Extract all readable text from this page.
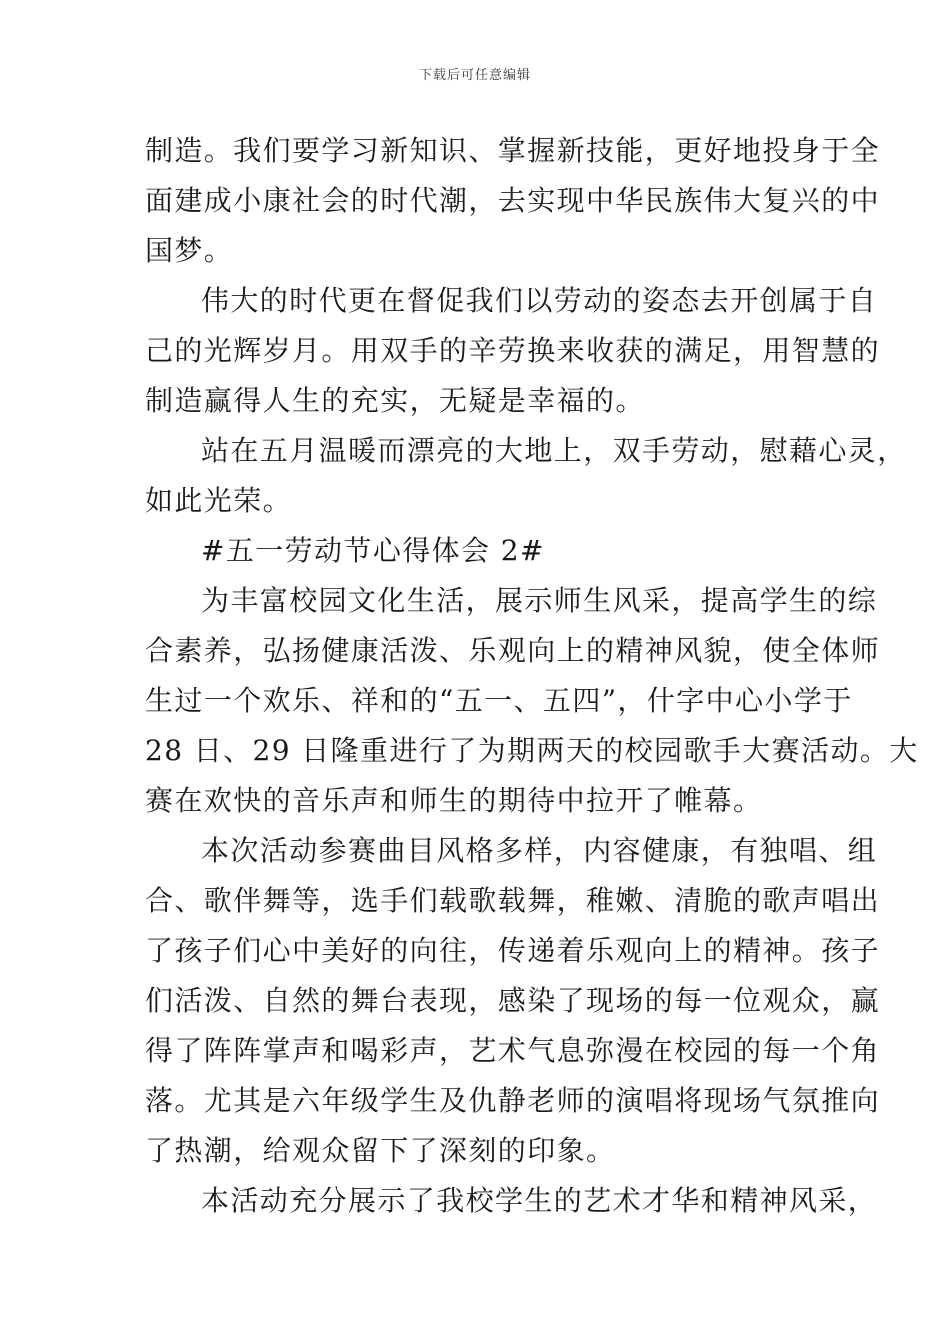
下载后可任意编辑
制造。我们要学习新知识、掌握新技能，更好地投身于全
面建成小康社会的时代潮，去实现中华民族伟大复兴的中
国梦。
伟大的时代更在督促我们以劳动的姿态去开创属于自
己的光辉岁月。用双手的辛劳换来收获的满足，用智慧的
制造赢得人生的充实，无疑是幸福的。
站在五月温暖而漂亮的大地上，双手劳动，慰藉心灵，
如此光荣。
#五一劳动节心得体会 2#
为丰富校园文化生活，展示师生风采，提高学生的综
合素养，弘扬健康活泼、乐观向上的精神风貌，使全体师
生过一个欢乐、祥和的“五一、五四”，什字中心小学于
28 日、29 日隆重进行了为期两天的校园歌手大赛活动。大
赛在欢快的音乐声和师生的期待中拉开了帷幕。
本次活动参赛曲目风格多样，内容健康，有独唱、组
合、歌伴舞等，选手们载歌载舞，稚嫩、清脆的歌声唱出
了孩子们心中美好的向往，传递着乐观向上的精神。孩子
们活泼、自然的舞台表现，感染了现场的每一位观众，赢
得了阵阵掌声和喝彩声，艺术气息弥漫在校园的每一个角
落。尤其是六年级学生及仇静老师的演唱将现场气氛推向
了热潮，给观众留下了深刻的印象。
本活动充分展示了我校学生的艺术才华和精神风采，
